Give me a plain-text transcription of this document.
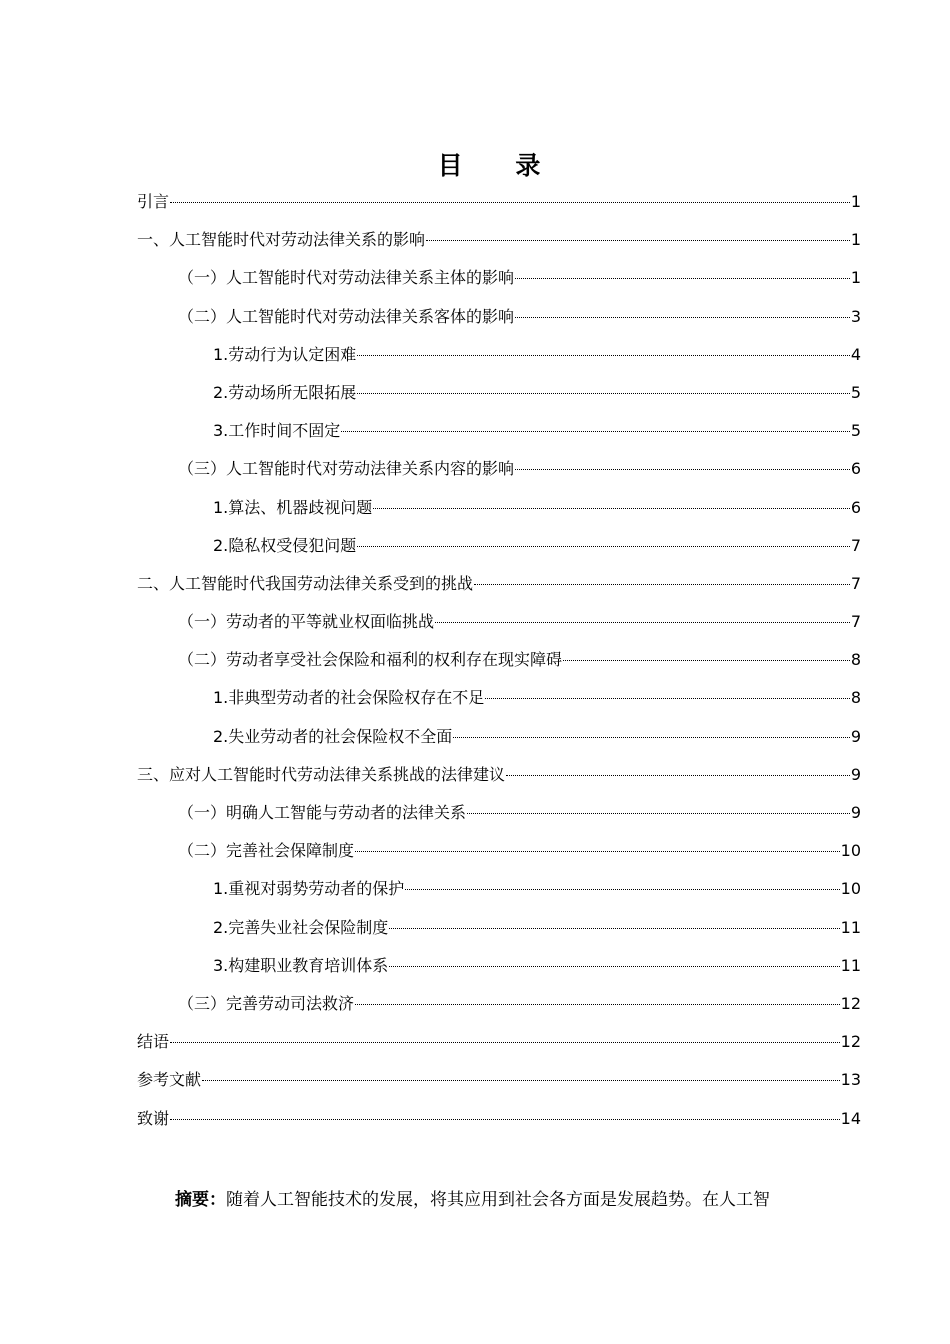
目 录
引言	1
一、人工智能时代对劳动法律关系的影响	1
（一）人工智能时代对劳动法律关系主体的影响	1
（二）人工智能时代对劳动法律关系客体的影响	3
1.劳动行为认定困难	4
2.劳动场所无限拓展	5
3.工作时间不固定	5
（三）人工智能时代对劳动法律关系内容的影响	6
1.算法、机器歧视问题	6
2.隐私权受侵犯问题	7
二、人工智能时代我国劳动法律关系受到的挑战	7
（一）劳动者的平等就业权面临挑战	7
（二）劳动者享受社会保险和福利的权利存在现实障碍	8
1.非典型劳动者的社会保险权存在不足	8
2.失业劳动者的社会保险权不全面	9
三、应对人工智能时代劳动法律关系挑战的法律建议	9
（一）明确人工智能与劳动者的法律关系	9
（二）完善社会保障制度	10
1.重视对弱势劳动者的保护	10
2.完善失业社会保险制度	11
3.构建职业教育培训体系	11
（三）完善劳动司法救济	12
结语	12
参考文献	13
致谢	14
摘要：随着人工智能技术的发展，将其应用到社会各方面是发展趋势。在人工智
